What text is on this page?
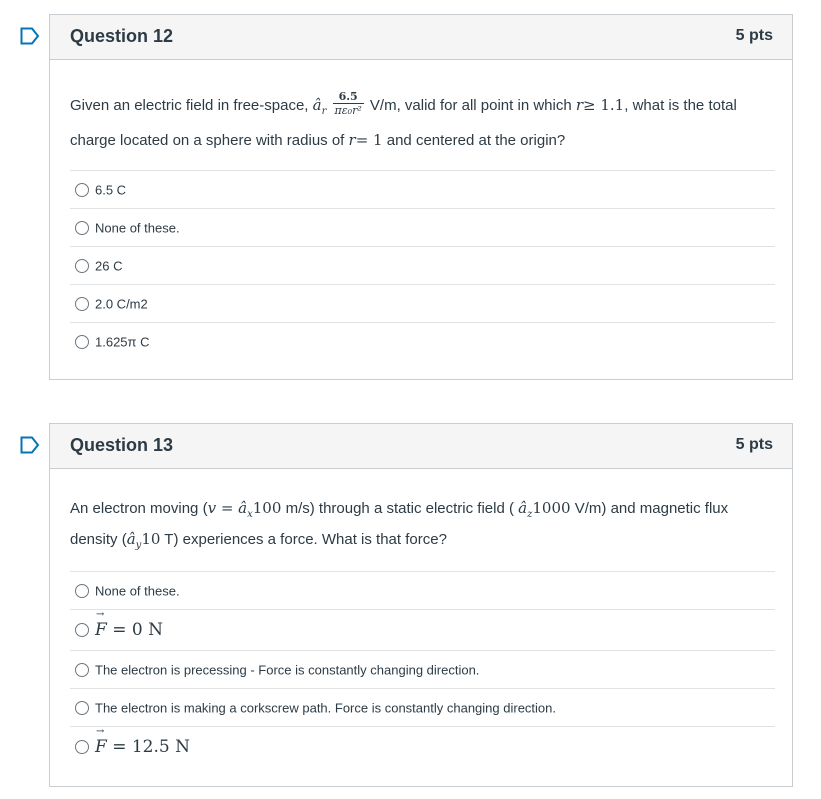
Question 12	5 pts
Given an electric field in free-space, $â_r \frac{6.5}{\text{πε₀r²}} V/m$, valid for all point in which r≥ 1.1, what is the total charge located on a sphere with radius of r= 1 and centered at the origin?
6.5 C
None of these.
26 C
2.0 C/m2
1.625π C
Question 13	5 pts
An electron moving ($v = â_x100$ m/s) through a static electric field ( $â_z1000$ V/m) and magnetic flux density ($â_y10$ T) experiences a force. What is that force?
None of these.
→ F = 0 N
The electron is precessing - Force is constantly changing direction.
The electron is making a corkscrew path. Force is constantly changing direction.
→ F = 12.5 N
